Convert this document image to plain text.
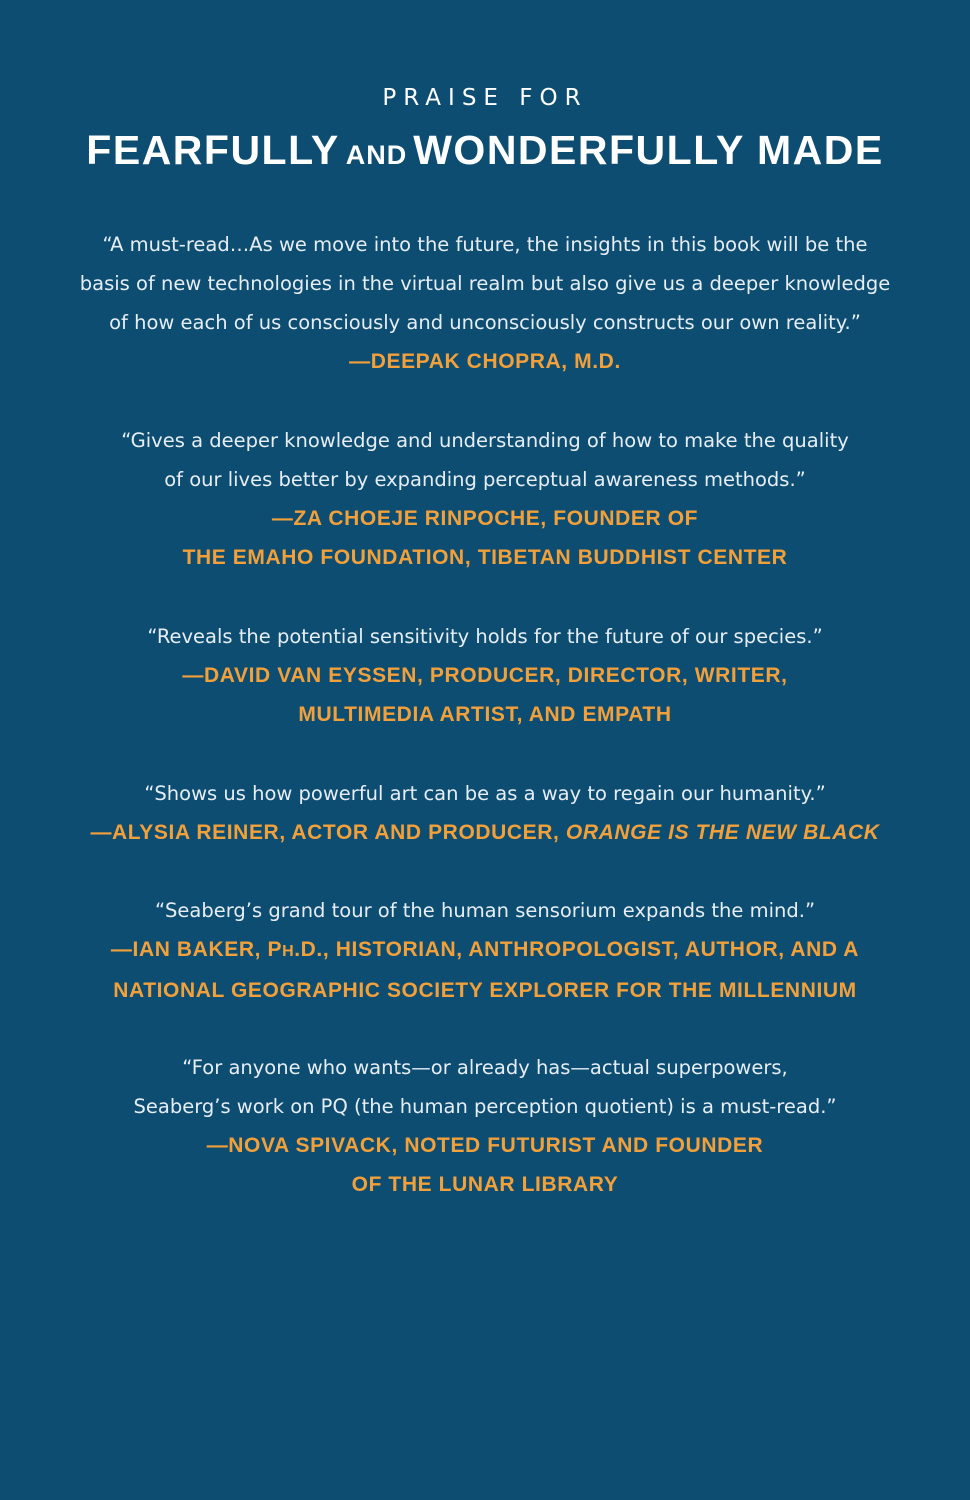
PRAISE FOR
FEARFULLY AND WONDERFULLY MADE
“A must-read…As we move into the future, the insights in this book will be the
basis of new technologies in the virtual realm but also give us a deeper knowledge
of how each of us consciously and unconsciously constructs our own reality.”
—DEEPAK CHOPRA, M.D.
“Gives a deeper knowledge and understanding of how to make the quality
of our lives better by expanding perceptual awareness methods.”
—ZA CHOEJE RINPOCHE, FOUNDER OF
THE EMAHO FOUNDATION, TIBETAN BUDDHIST CENTER
“Reveals the potential sensitivity holds for the future of our species.”
—DAVID VAN EYSSEN, PRODUCER, DIRECTOR, WRITER,
MULTIMEDIA ARTIST, AND EMPATH
“Shows us how powerful art can be as a way to regain our humanity.”
—ALYSIA REINER, ACTOR AND PRODUCER, ORANGE IS THE NEW BLACK
“Seaberg’s grand tour of the human sensorium expands the mind.”
—IAN BAKER, PH.D., HISTORIAN, ANTHROPOLOGIST, AUTHOR, AND A
NATIONAL GEOGRAPHIC SOCIETY EXPLORER FOR THE MILLENNIUM
“For anyone who wants—or already has—actual superpowers,
Seaberg’s work on PQ (the human perception quotient) is a must-read.”
—NOVA SPIVACK, NOTED FUTURIST AND FOUNDER
OF THE LUNAR LIBRARY
